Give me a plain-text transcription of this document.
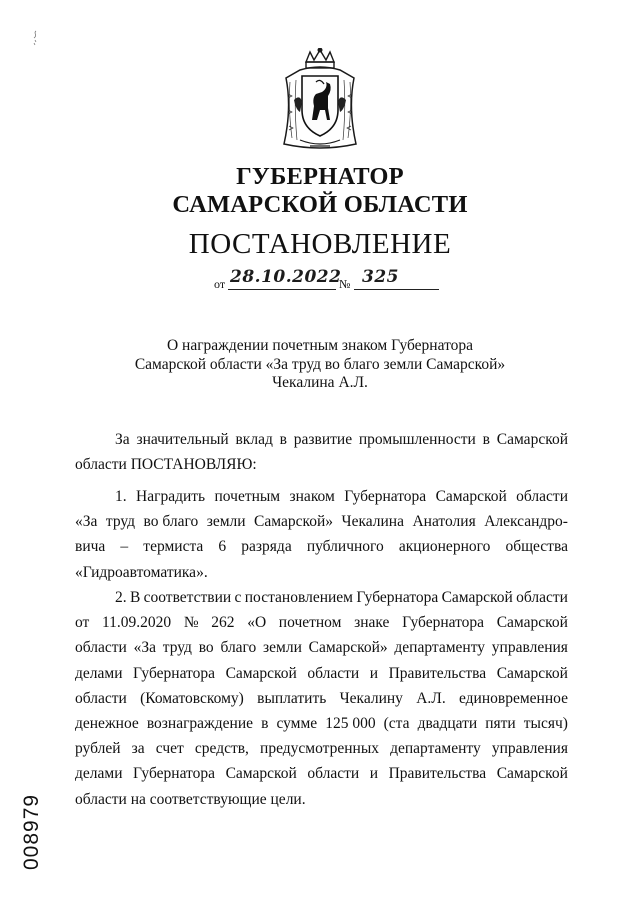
ГУБЕРНАТОР
САМАРСКОЙ ОБЛАСТИ
ПОСТАНОВЛЕНИЕ
от 28.10.2022
№ 325
О награждении почетным знаком Губернатора
Самарской области «За труд во благо земли Самарской»
Чекалина А.Л.
За значительный вклад в развитие промышленности в Самарской
области ПОСТАНОВЛЯЮ:
1. Наградить почетным знаком Губернатора Самарской области
«За труд во благо земли Самарской» Чекалина Анатолия Александро-
вича – термиста 6 разряда публичного акционерного общества
«Гидроавтоматика».
2. В соответствии с постановлением Губернатора Самарской области
от 11.09.2020 № 262 «О почетном знаке Губернатора Самарской
области «За труд во благо земли Самарской» департаменту управления
делами Губернатора Самарской области и Правительства Самарской
области (Коматовскому) выплатить Чекалину А.Л. единовременное
денежное вознаграждение в сумме 125 000 (ста двадцати пяти тысяч)
рублей за счет средств, предусмотренных департаменту управления
делами Губернатора Самарской области и Правительства Самарской
области на соответствующие цели.
008979
